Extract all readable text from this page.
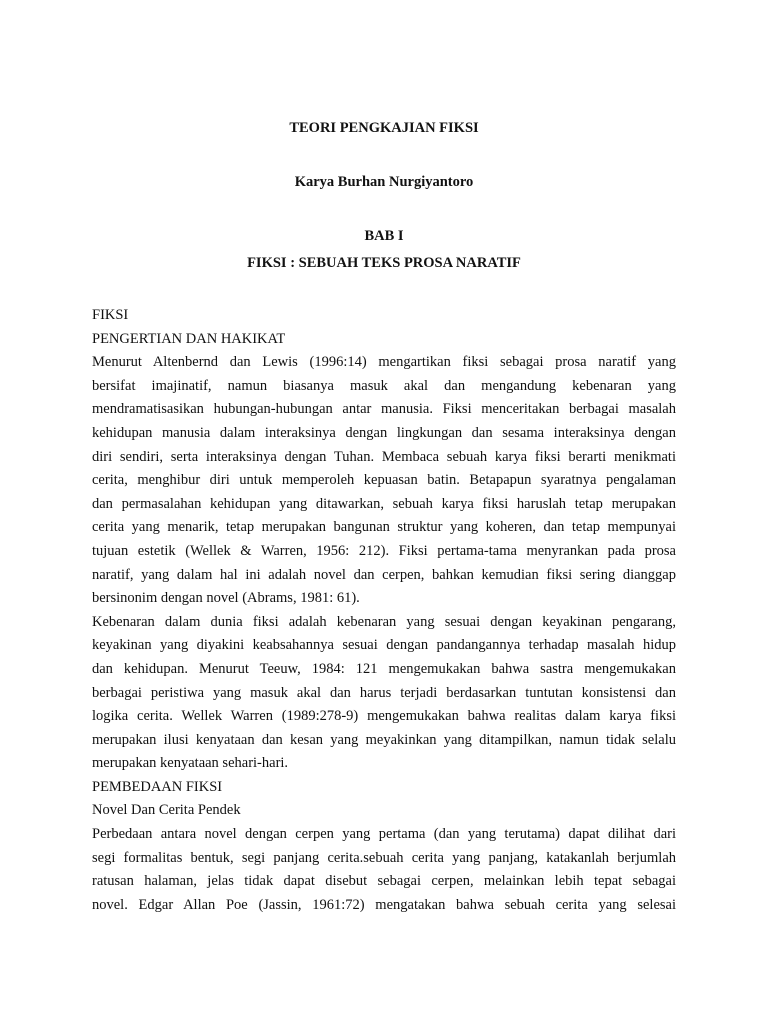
TEORI PENGKAJIAN FIKSI
Karya Burhan Nurgiyantoro
BAB I
FIKSI : SEBUAH TEKS PROSA NARATIF
FIKSI
PENGERTIAN DAN HAKIKAT
Menurut Altenbernd dan Lewis (1996:14) mengartikan fiksi sebagai prosa naratif yang
bersifat imajinatif, namun biasanya masuk akal dan mengandung kebenaran yang
mendramatisasikan hubungan-hubungan antar manusia. Fiksi menceritakan berbagai masalah
kehidupan manusia dalam interaksinya dengan lingkungan dan sesama interaksinya dengan
diri sendiri, serta interaksinya dengan Tuhan. Membaca sebuah karya fiksi berarti menikmati
cerita, menghibur diri untuk memperoleh kepuasan batin. Betapapun syaratnya pengalaman
dan permasalahan kehidupan yang ditawarkan, sebuah karya fiksi haruslah tetap merupakan
cerita yang menarik, tetap merupakan bangunan struktur yang koheren, dan tetap mempunyai
tujuan estetik (Wellek & Warren, 1956: 212). Fiksi pertama-tama menyrankan pada prosa
naratif, yang dalam hal ini adalah novel dan cerpen, bahkan kemudian fiksi sering dianggap
bersinonim dengan novel (Abrams, 1981: 61).
Kebenaran dalam dunia fiksi adalah kebenaran yang sesuai dengan keyakinan pengarang,
keyakinan yang diyakini keabsahannya sesuai dengan pandangannya terhadap masalah hidup
dan kehidupan. Menurut Teeuw, 1984: 121 mengemukakan bahwa sastra mengemukakan
berbagai peristiwa yang masuk akal dan harus terjadi berdasarkan tuntutan konsistensi dan
logika cerita. Wellek Warren (1989:278-9) mengemukakan bahwa realitas dalam karya fiksi
merupakan ilusi kenyataan dan kesan yang meyakinkan yang ditampilkan, namun tidak selalu
merupakan kenyataan sehari-hari.
PEMBEDAAN FIKSI
Novel Dan Cerita Pendek
Perbedaan antara novel dengan cerpen yang pertama (dan yang terutama) dapat dilihat dari
segi formalitas bentuk, segi panjang cerita.sebuah cerita yang panjang, katakanlah berjumlah
ratusan halaman, jelas tidak dapat disebut sebagai cerpen, melainkan lebih tepat sebagai
novel. Edgar Allan Poe (Jassin, 1961:72) mengatakan bahwa sebuah cerita yang selesai
